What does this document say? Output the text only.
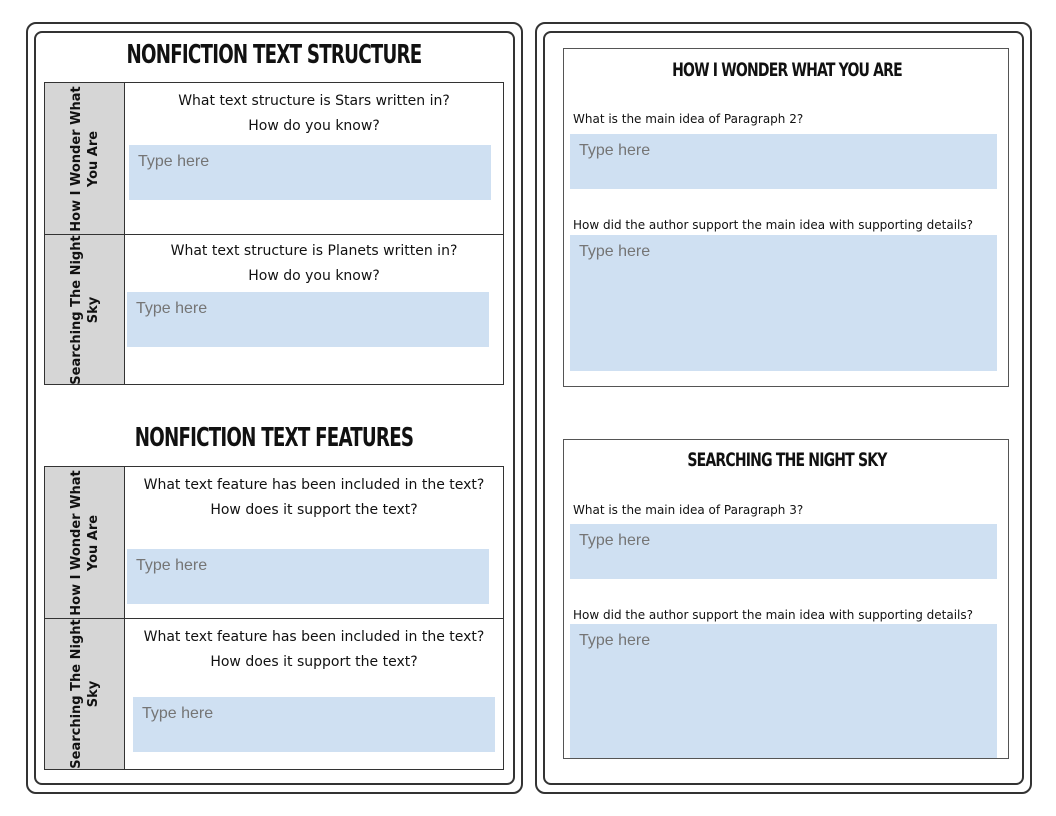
NONFICTION TEXT STRUCTURE
How I Wonder What You Are
What text structure is Stars written in?
How do you know?
Type here
Searching The Night Sky
What text structure is Planets written in?
How do you know?
Type here
NONFICTION TEXT FEATURES
How I Wonder What You Are
What text feature has been included in the text?
How does it support the text?
Type here
Searching The Night Sky
What text feature has been included in the text?
How does it support the text?
Type here
HOW I WONDER WHAT YOU ARE
What is the main idea of Paragraph 2?
Type here
How did the author support the main idea with supporting details?
Type here
SEARCHING THE NIGHT SKY
What is the main idea of Paragraph 3?
Type here
How did the author support the main idea with supporting details?
Type here
